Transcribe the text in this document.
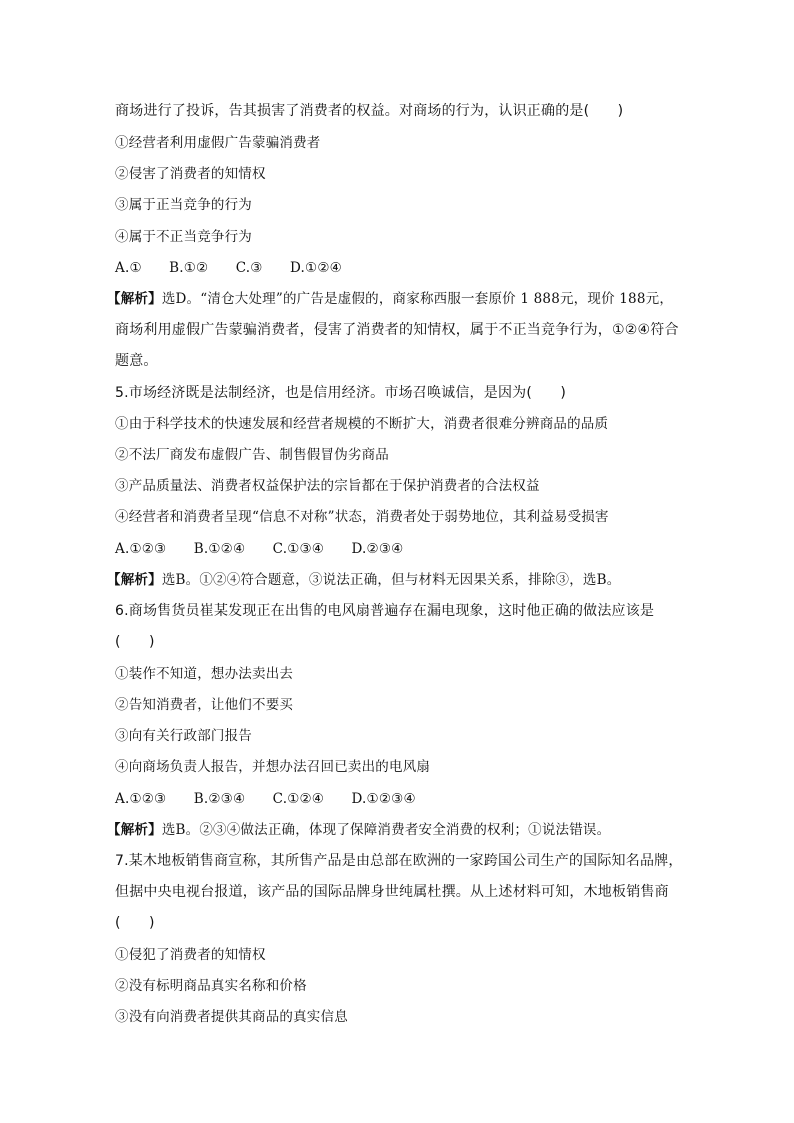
商场进行了投诉，告其损害了消费者的权益。对商场的行为，认识正确的是(　　)
①经营者利用虚假广告蒙骗消费者
②侵害了消费者的知情权
③属于正当竞争的行为
④属于不正当竞争行为
A.①　　B.①②　　C.③　　D.①②④
【解析】选D。“清仓大处理”的广告是虚假的，商家称西服一套原价 1 888元，现价 188元，
商场利用虚假广告蒙骗消费者，侵害了消费者的知情权，属于不正当竞争行为，①②④符合
题意。
5.市场经济既是法制经济，也是信用经济。市场召唤诚信，是因为(　　)
①由于科学技术的快速发展和经营者规模的不断扩大，消费者很难分辨商品的品质
②不法厂商发布虚假广告、制售假冒伪劣商品
③产品质量法、消费者权益保护法的宗旨都在于保护消费者的合法权益
④经营者和消费者呈现“信息不对称”状态，消费者处于弱势地位，其利益易受损害
A.①②③　　B.①②④　　C.①③④　　D.②③④
【解析】选B。①②④符合题意，③说法正确，但与材料无因果关系，排除③，选B。
6.商场售货员崔某发现正在出售的电风扇普遍存在漏电现象，这时他正确的做法应该是
(　　)
①装作不知道，想办法卖出去
②告知消费者，让他们不要买
③向有关行政部门报告
④向商场负责人报告，并想办法召回已卖出的电风扇
A.①②③　　B.②③④　　C.①②④　　D.①②③④
【解析】选B。②③④做法正确，体现了保障消费者安全消费的权利；①说法错误。
7.某木地板销售商宣称，其所售产品是由总部在欧洲的一家跨国公司生产的国际知名品牌，
但据中央电视台报道，该产品的国际品牌身世纯属杜撰。从上述材料可知，木地板销售商
(　　)
①侵犯了消费者的知情权
②没有标明商品真实名称和价格
③没有向消费者提供其商品的真实信息
